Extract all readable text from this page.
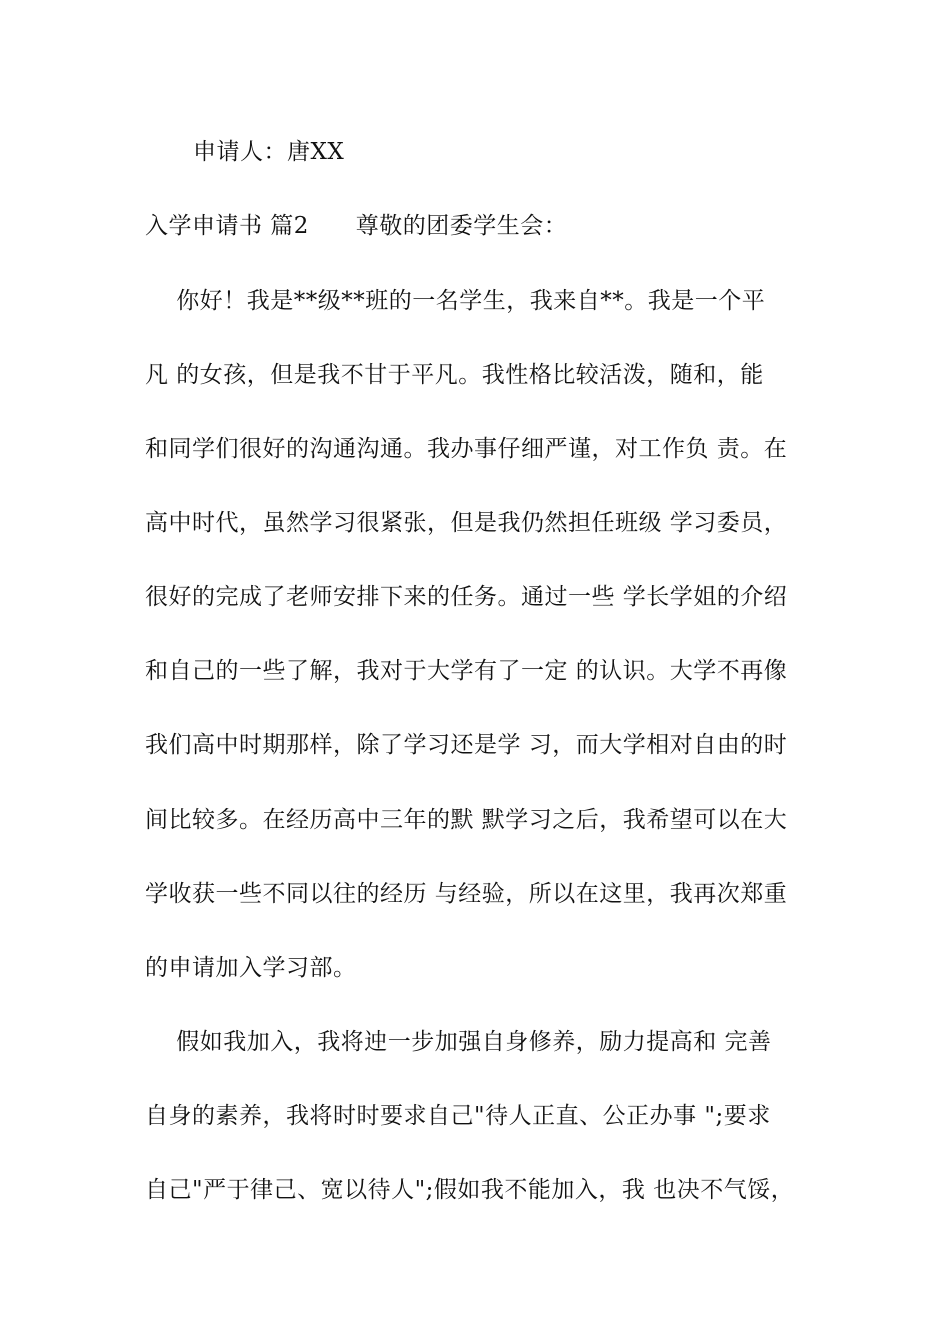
申请人：唐XX
入学申请书 篇2      尊敬的团委学生会：
你好！我是**级**班的一名学生，我来自**。我是一个平
凡 的女孩，但是我不甘于平凡。我性格比较活泼，随和，能
和同学们很好的沟通沟通。我办事仔细严谨，对工作负 责。在
高中时代，虽然学习很紧张，但是我仍然担任班级 学习委员，
很好的完成了老师安排下来的任务。通过一些 学长学姐的介绍
和自己的一些了解，我对于大学有了一定 的认识。大学不再像
我们高中时期那样，除了学习还是学 习，而大学相对自由的时
间比较多。在经历高中三年的默 默学习之后，我希望可以在大
学收获一些不同以往的经历 与经验，所以在这里，我再次郑重
的申请加入学习部。
假如我加入，我将迚一步加强自身修养，励力提高和 完善
自身的素养，我将时时要求自己"待人正直、公正办事 ";要求
自己"严于律己、宽以待人";假如我不能加入，我 也决不气馁，
